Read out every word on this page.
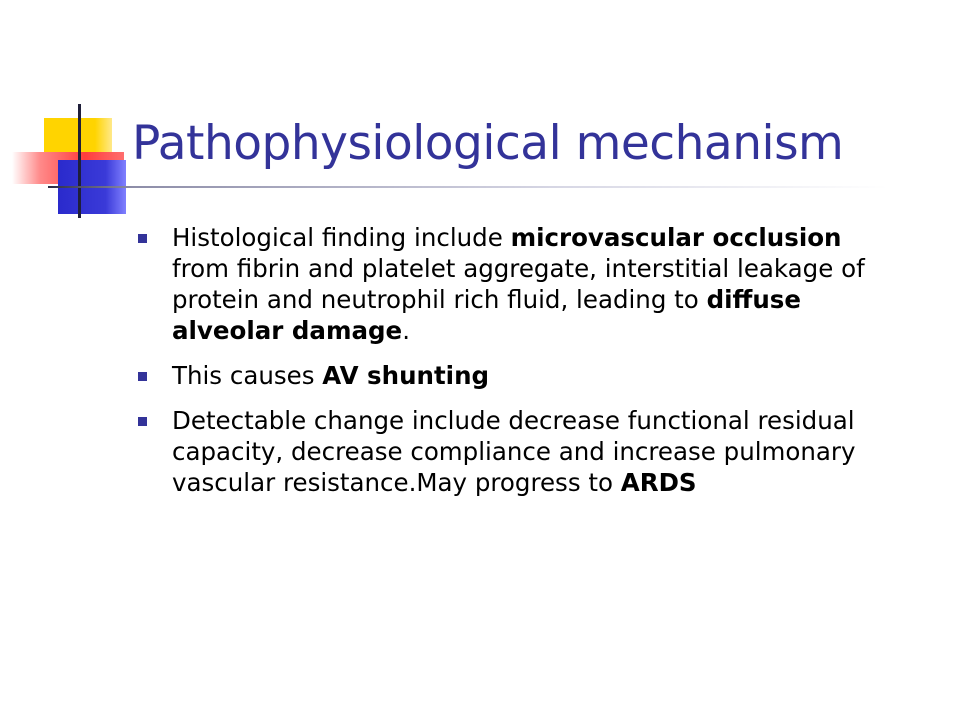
Pathophysiological mechanism
Histological finding include microvascular occlusion from fibrin and platelet aggregate, interstitial leakage of protein and neutrophil rich fluid, leading to diffuse alveolar damage.
This causes AV shunting
Detectable change include decrease functional residual capacity, decrease compliance and increase pulmonary vascular resistance.May progress to ARDS
